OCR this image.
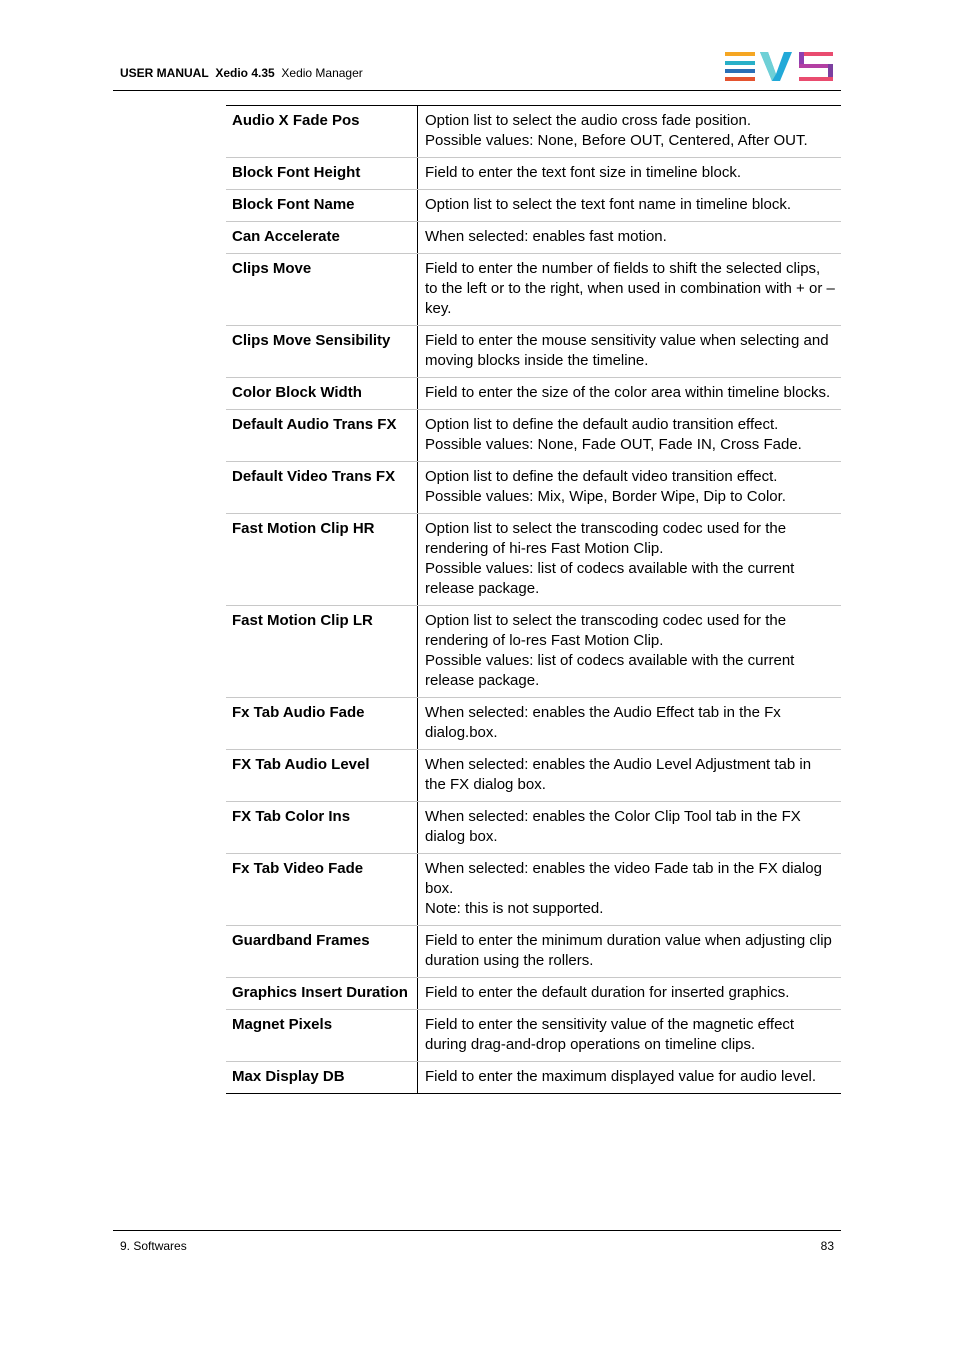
USER MANUAL Xedio 4.35 Xedio Manager
Audio X Fade Pos	Option list to select the audio cross fade position.
Possible values: None, Before OUT, Centered, After OUT.

Block Font Height	Field to enter the text font size in timeline block.

Block Font Name	Option list to select the text font name in timeline block.

Can Accelerate	When selected: enables fast motion.

Clips Move	Field to enter the number of fields to shift the selected clips, to the left or to the right, when used in combination with + or – key.

Clips Move Sensibility	Field to enter the mouse sensitivity value when selecting and moving blocks inside the timeline.

Color Block Width	Field to enter the size of the color area within timeline blocks.

Default Audio Trans FX	Option list to define the default audio transition effect.
Possible values: None, Fade OUT, Fade IN, Cross Fade.

Default Video Trans FX	Option list to define the default video transition effect.
Possible values: Mix, Wipe, Border Wipe, Dip to Color.

Fast Motion Clip HR	Option list to select the transcoding codec used for the rendering of hi-res Fast Motion Clip.
Possible values: list of codecs available with the current release package.

Fast Motion Clip LR	Option list to select the transcoding codec used for the rendering of lo-res Fast Motion Clip.
Possible values: list of codecs available with the current release package.

Fx Tab Audio Fade	When selected: enables the Audio Effect tab in the Fx dialog.box.

FX Tab Audio Level	When selected: enables the Audio Level Adjustment tab in the FX dialog box.

FX Tab Color Ins	When selected: enables the Color Clip Tool tab in the FX dialog box.

Fx Tab Video Fade	When selected: enables the video Fade tab in the FX dialog box.
Note: this is not supported.

Guardband Frames	Field to enter the minimum duration value when adjusting clip duration using the rollers.

Graphics Insert Duration	Field to enter the default duration for inserted graphics.

Magnet Pixels	Field to enter the sensitivity value of the magnetic effect during drag-and-drop operations on timeline clips.

Max Display DB	Field to enter the maximum displayed value for audio level.
9. Softwares	83
